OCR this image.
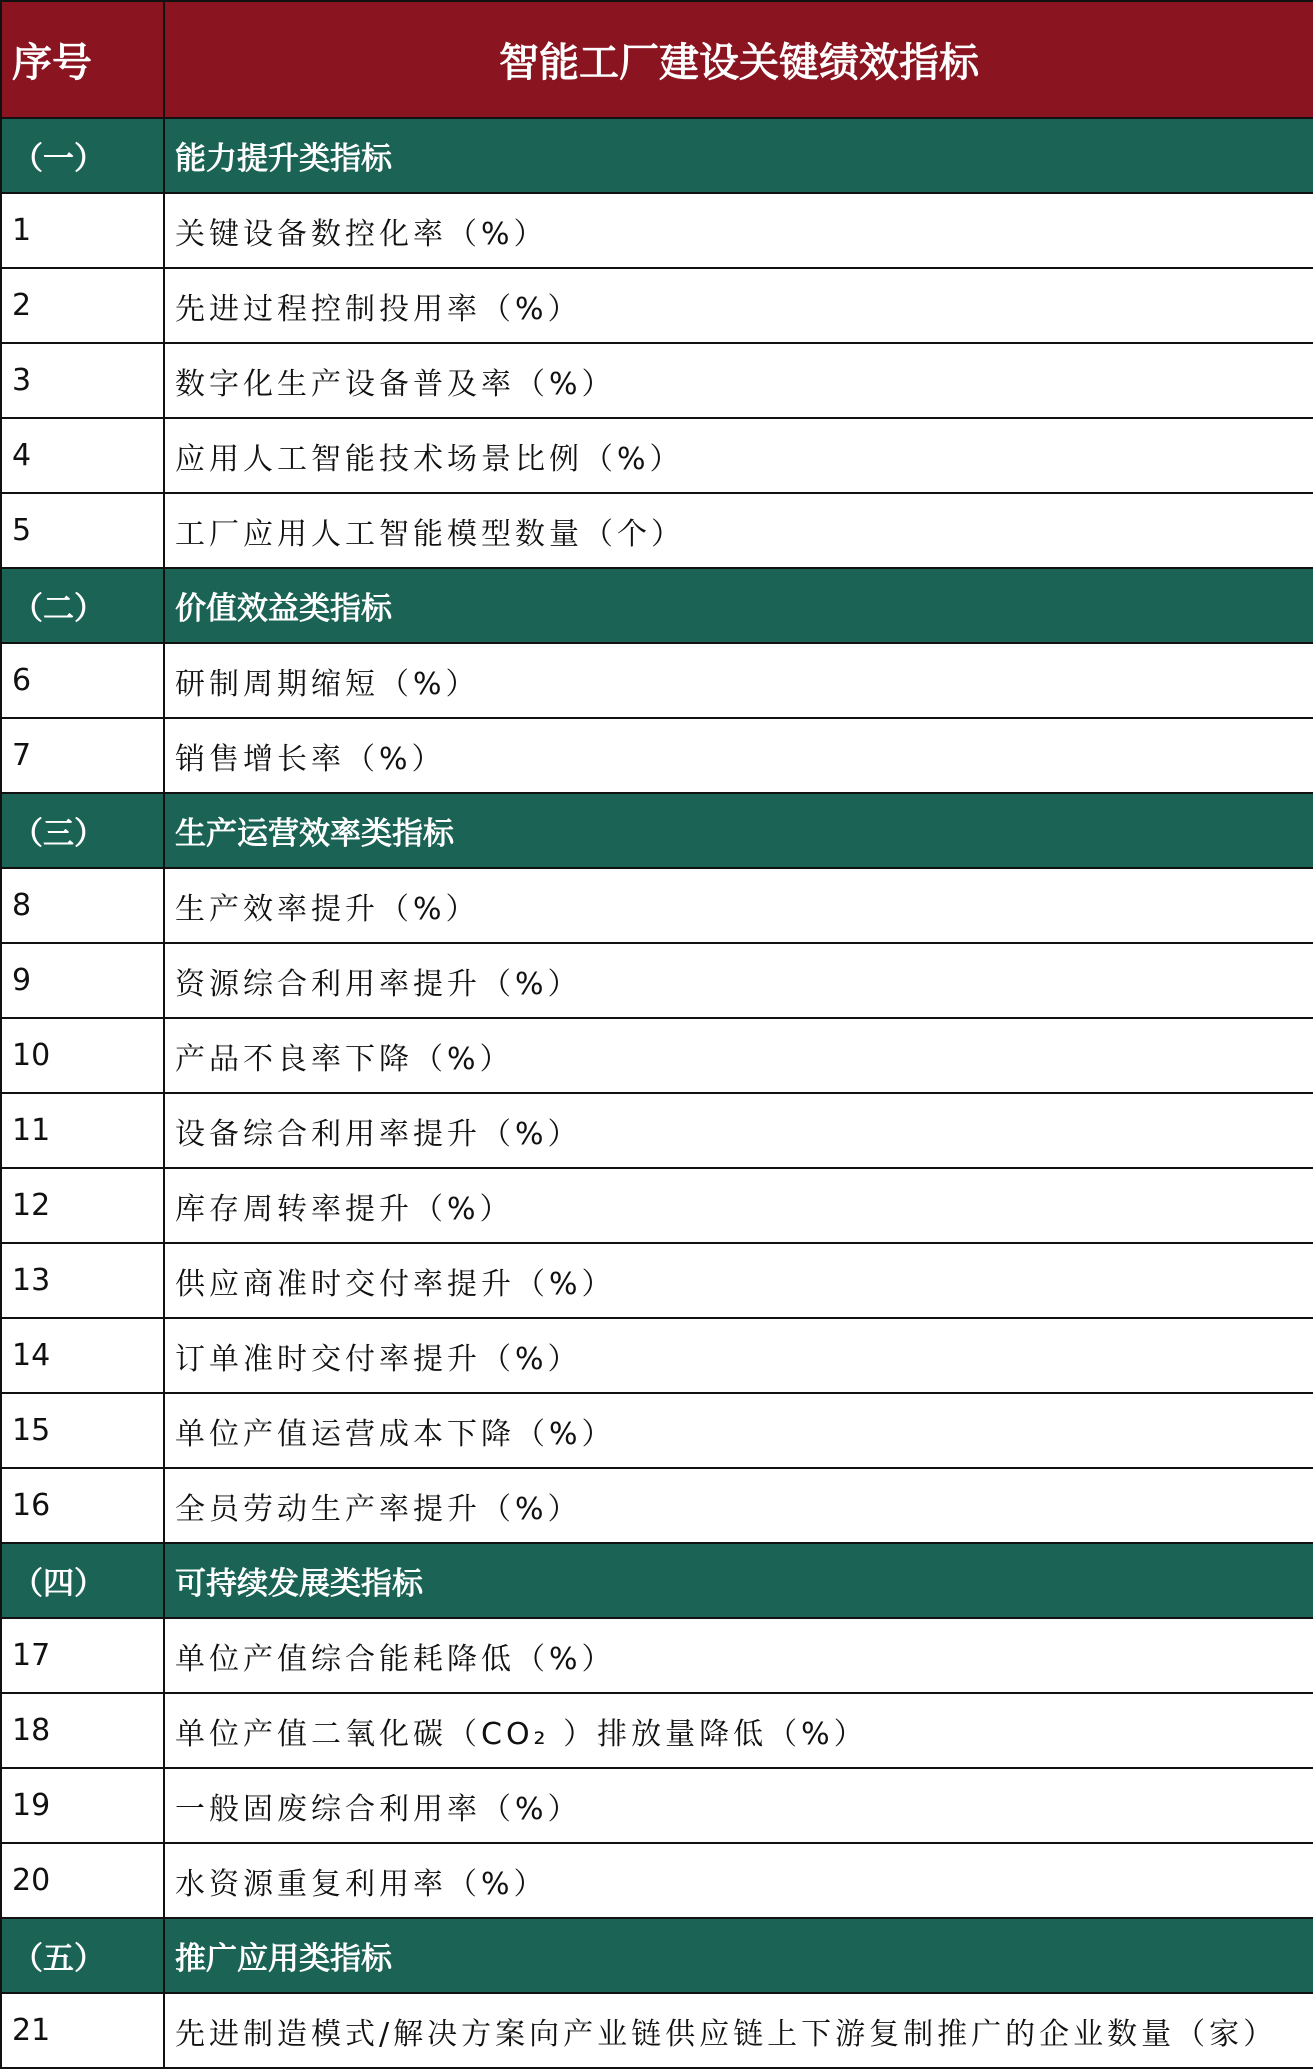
序号	智能工厂建设关键绩效指标
（一）	能力提升类指标
1	关键设备数控化率（%）
2	先进过程控制投用率（%）
3	数字化生产设备普及率（%）
4	应用人工智能技术场景比例（%）
5	工厂应用人工智能模型数量（个）
（二）	价值效益类指标
6	研制周期缩短（%）
7	销售增长率（%）
（三）	生产运营效率类指标
8	生产效率提升（%）
9	资源综合利用率提升（%）
10	产品不良率下降（%）
11	设备综合利用率提升（%）
12	库存周转率提升（%）
13	供应商准时交付率提升（%）
14	订单准时交付率提升（%）
15	单位产值运营成本下降（%）
16	全员劳动生产率提升（%）
（四）	可持续发展类指标
17	单位产值综合能耗降低（%）
18	单位产值二氧化碳（CO₂ ）排放量降低（%）
19	一般固废综合利用率（%）
20	水资源重复利用率（%）
（五）	推广应用类指标
21	先进制造模式/解决方案向产业链供应链上下游复制推广的企业数量（家）
